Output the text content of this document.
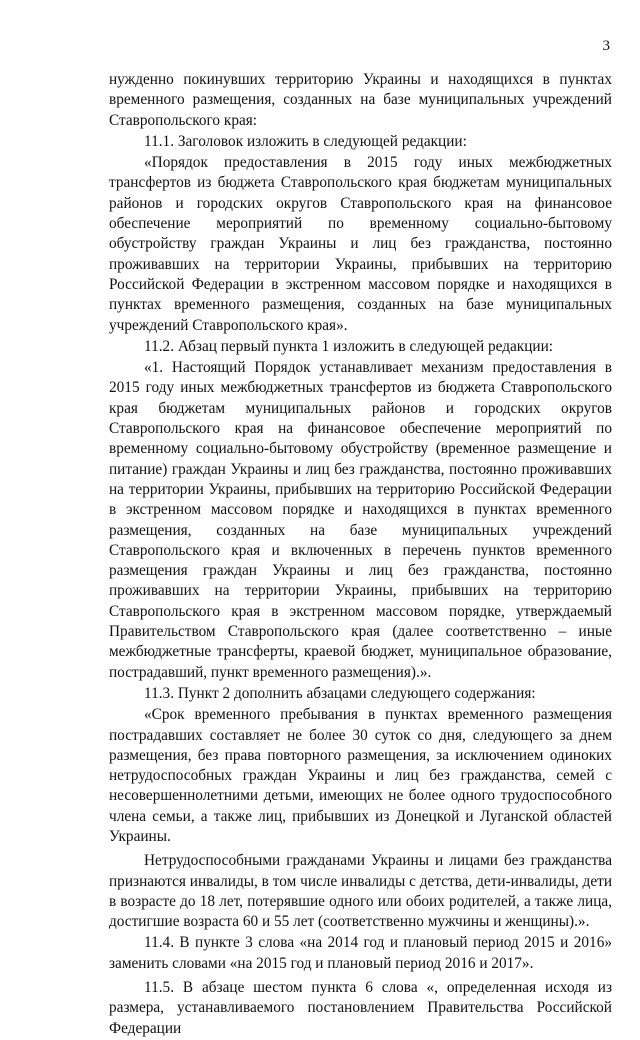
3

нужденно покинувших территорию Украины и находящихся в пунктах временного размещения, созданных на базе муниципальных учреждений Ставропольского края:

11.1. Заголовок изложить в следующей редакции:

«Порядок предоставления в 2015 году иных межбюджетных трансфертов из бюджета Ставропольского края бюджетам муниципальных районов и городских округов Ставропольского края на финансовое обеспечение мероприятий по временному социально-бытовому обустройству граждан Украины и лиц без гражданства, постоянно проживавших на территории Украины, прибывших на территорию Российской Федерации в экстренном массовом порядке и находящихся в пунктах временного размещения, созданных на базе муниципальных учреждений Ставропольского края».

11.2. Абзац первый пункта 1 изложить в следующей редакции:

«1. Настоящий Порядок устанавливает механизм предоставления в 2015 году иных межбюджетных трансфертов из бюджета Ставропольского края бюджетам муниципальных районов и городских округов Ставропольского края на финансовое обеспечение мероприятий по временному социально-бытовому обустройству (временное размещение и питание) граждан Украины и лиц без гражданства, постоянно проживавших на территории Украины, прибывших на территорию Российской Федерации в экстренном массовом порядке и находящихся в пунктах временного размещения, созданных на базе муниципальных учреждений Ставропольского края и включенных в перечень пунктов временного размещения граждан Украины и лиц без гражданства, постоянно проживавших на территории Украины, прибывших на территорию Ставропольского края в экстренном массовом порядке, утверждаемый Правительством Ставропольского края (далее соответственно – иные межбюджетные трансферты, краевой бюджет, муниципальное образование, пострадавший, пункт временного размещения).».

11.3. Пункт 2 дополнить абзацами следующего содержания:

«Срок временного пребывания в пунктах временного размещения пострадавших составляет не более 30 суток со дня, следующего за днем размещения, без права повторного размещения, за исключением одиноких нетрудоспособных граждан Украины и лиц без гражданства, семей с несовершеннолетними детьми, имеющих не более одного трудоспособного члена семьи, а также лиц, прибывших из Донецкой и Луганской областей Украины.

Нетрудоспособными гражданами Украины и лицами без гражданства признаются инвалиды, в том числе инвалиды с детства, дети-инвалиды, дети в возрасте до 18 лет, потерявшие одного или обоих родителей, а также лица, достигшие возраста 60 и 55 лет (соответственно мужчины и женщины).».

11.4. В пункте 3 слова «на 2014 год и плановый период 2015 и 2016» заменить словами «на 2015 год и плановый период 2016 и 2017».

11.5. В абзаце шестом пункта 6 слова «, определенная исходя из размера, устанавливаемого постановлением Правительства Российской Федерации
